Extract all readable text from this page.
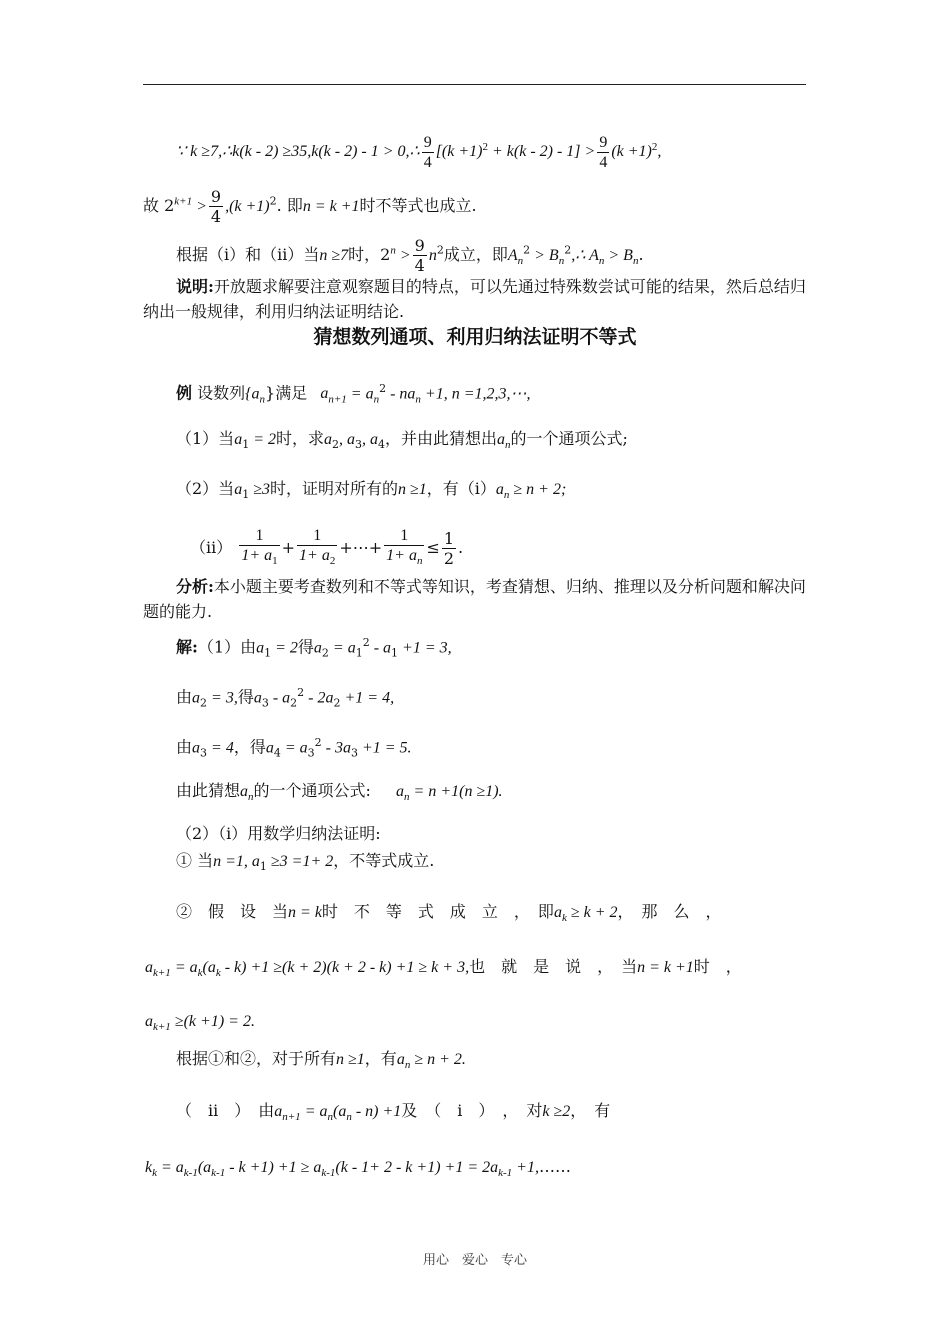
∵ k ≥7,∴k(k - 2) ≥35,k(k - 2) - 1 > 0,∴ $\frac{9}{4} [(k +1)^2 + k(k - 2) - 1] > \frac{9}{4} (k +1)^2$,
故 $2^{k+1} > \frac{9}{4} ,(k +1)^2$. 即n = k +1时不等式也成立.
根据（ⅰ）和（ⅱ）当n ≥7时，$2^n > \frac{9}{4} n^2$成立，即$A_n^2$ > $B_n^2,\therefore$ $A_n > B_n$.
说明:开放题求解要注意观察题目的特点，可以先通过特殊数尝试可能的结果，然后总结归纳出一般规律，利用归纳法证明结论.
猜想数列通项、利用归纳法证明不等式
例 设数列$\{a_n\}$满足 $a_{n+1} = a_n^2 - na_n +1$, n =1,2,3,⋯,
（1）当$a_1 = 2$时，求$a_2$, $a_3$, $a_4$，并由此猜想出$a_n$的一个通项公式;
（2）当$a_1 \ge 3$时，证明对所有的n ≥1，有$(ⅰ)a_n \ge n + 2$;
（ⅱ） $\frac{1}{1+ a_1} + \frac{1}{1+ a_2}$ +⋯+ $\frac{1}{1+ a_n} \le \frac{1}{2}$ .
分析:本小题主要考查数列和不等式等知识，考查猜想、归纳、推理以及分析问题和解决问题的能力.
解:（1）由$a_1 = 2$得$a_2 = a_1^2 - a_1 +1 = 3$,
由$a_2 = 3$,得$a_3 - a_2^2 - 2a_2 +1 = 4$,
由$a_3 = 4$，得$a_4 = a_3^2 - 3a_3 +1 = 5$.
由此猜想$a_n$的一个通项公式: $a_n = n +1(n \ge 1)$.
（2）（ⅰ）用数学归纳法证明:
① 当n =1, $a_1 \ge 3 =1+ 2$，不等式成立.
②　假　设　当n = k时　不　等　式　成　立　，　即$a_k \ge k + 2$，　那　么　，
$a_{k+1} = a_k(a_k - k) +1 \ge(k + 2)(k + 2 - k) +1 \ge k + 3$,也　就　是　说　，　当n = k +1时　，
$a_{k+1} \ge(k +1) = 2$.
根据①和②，对于所有n ≥1，有$a_n \ge n + 2$.
（　ⅱ　）　由$a_{n+1} = a_n(a_n - n) +1$及　（　ⅰ　）　，　对k ≥2，　有
$k_k = a_{k-1}(a_{k-1} - k +1) +1 \ge a_{k-1}(k - 1+ 2 - k +1) +1 = 2a_{k-1}$ +1,……
用心　爱心　专心
